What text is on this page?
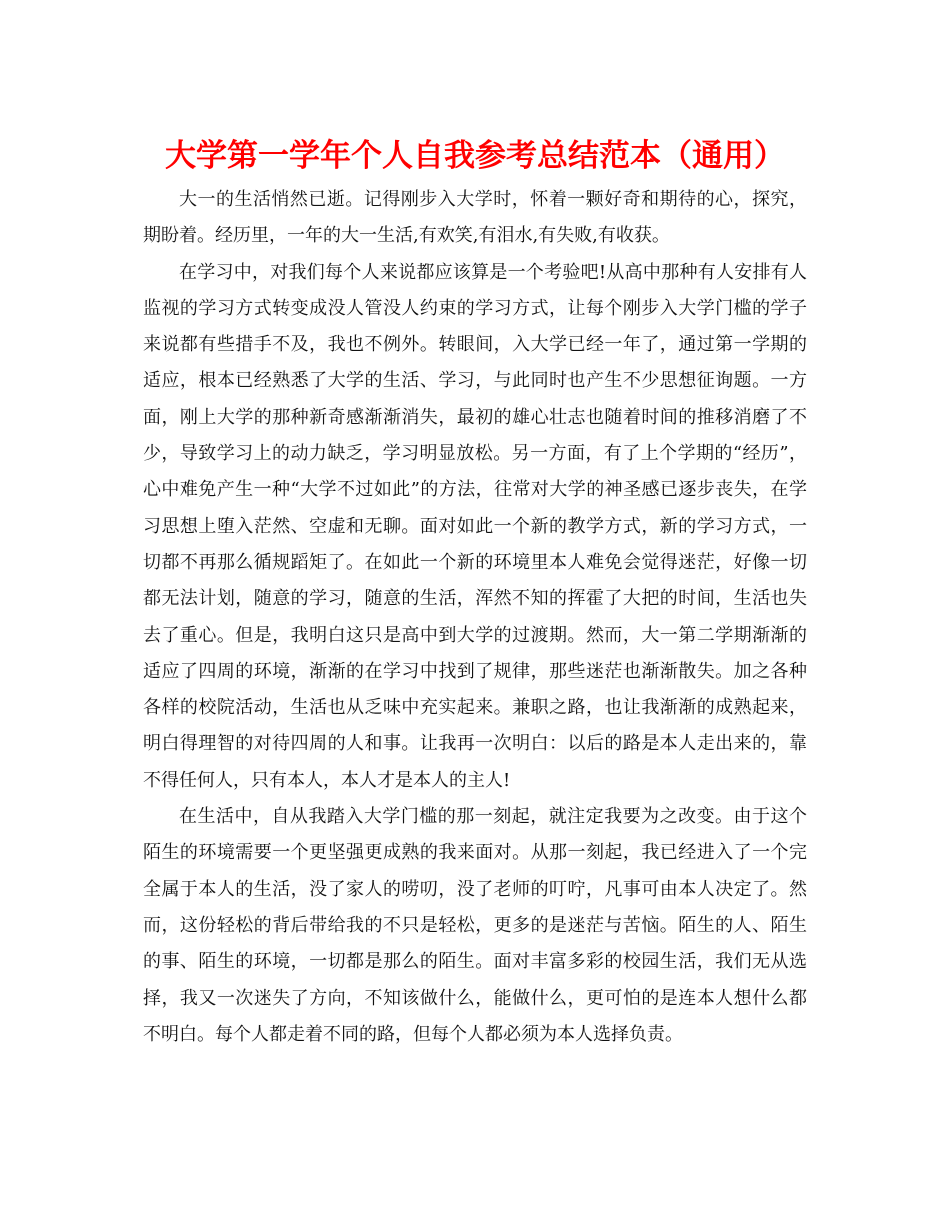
大学第一学年个人自我参考总结范本（通用）

大一的生活悄然已逝。记得刚步入大学时，怀着一颗好奇和期待的心，探究，期盼着。经历里，一年的大一生活,有欢笑,有泪水,有失败,有收获。

在学习中，对我们每个人来说都应该算是一个考验吧!从高中那种有人安排有人监视的学习方式转变成没人管没人约束的学习方式，让每个刚步入大学门槛的学子来说都有些措手不及，我也不例外。转眼间，入大学已经一年了，通过第一学期的适应，根本已经熟悉了大学的生活、学习，与此同时也产生不少思想征询题。一方面，刚上大学的那种新奇感渐渐消失，最初的雄心壮志也随着时间的推移消磨了不少，导致学习上的动力缺乏，学习明显放松。另一方面，有了上个学期的“经历”，心中难免产生一种“大学不过如此”的方法，往常对大学的神圣感已逐步丧失，在学习思想上堕入茫然、空虚和无聊。面对如此一个新的教学方式，新的学习方式，一切都不再那么循规蹈矩了。在如此一个新的环境里本人难免会觉得迷茫，好像一切都无法计划，随意的学习，随意的生活，浑然不知的挥霍了大把的时间，生活也失去了重心。但是，我明白这只是高中到大学的过渡期。然而，大一第二学期渐渐的适应了四周的环境，渐渐的在学习中找到了规律，那些迷茫也渐渐散失。加之各种各样的校院活动，生活也从乏味中充实起来。兼职之路，也让我渐渐的成熟起来，明白得理智的对待四周的人和事。让我再一次明白：以后的路是本人走出来的，靠不得任何人，只有本人，本人才是本人的主人!

在生活中，自从我踏入大学门槛的那一刻起，就注定我要为之改变。由于这个陌生的环境需要一个更坚强更成熟的我来面对。从那一刻起，我已经进入了一个完全属于本人的生活，没了家人的唠叨，没了老师的叮咛，凡事可由本人决定了。然而，这份轻松的背后带给我的不只是轻松，更多的是迷茫与苦恼。陌生的人、陌生的事、陌生的环境，一切都是那么的陌生。面对丰富多彩的校园生活，我们无从选择，我又一次迷失了方向，不知该做什么，能做什么，更可怕的是连本人想什么都不明白。每个人都走着不同的路，但每个人都必须为本人选择负责。
